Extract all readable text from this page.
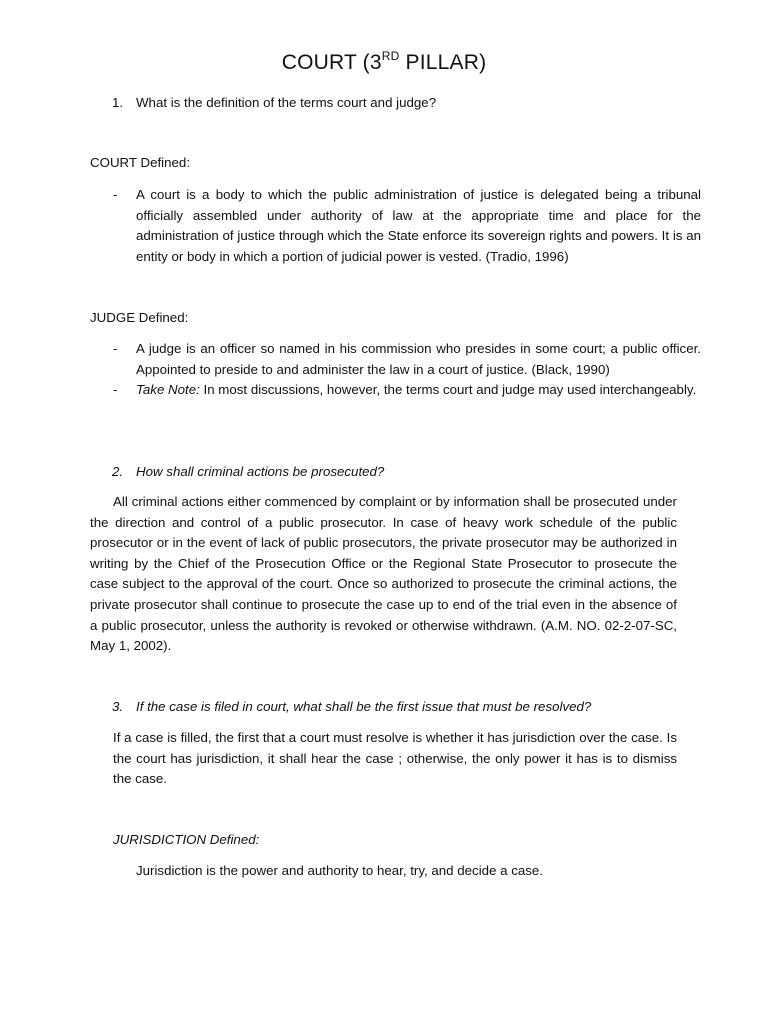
COURT (3RD PILLAR)
1. What is the definition of the terms court and judge?
COURT Defined:
- A court is a body to which the public administration of justice is delegated being a tribunal officially assembled under authority of law at the appropriate time and place for the administration of justice through which the State enforce its sovereign rights and powers. It is an entity or body in which a portion of judicial power is vested. (Tradio, 1996)
JUDGE Defined:
- A judge is an officer so named in his commission who presides in some court; a public officer. Appointed to preside to and administer the law in a court of justice. (Black, 1990)
- Take Note: In most discussions, however, the terms court and judge may used interchangeably.
2. How shall criminal actions be prosecuted?
All criminal actions either commenced by complaint or by information shall be prosecuted under the direction and control of a public prosecutor. In case of heavy work schedule of the public prosecutor or in the event of lack of public prosecutors, the private prosecutor may be authorized in writing by the Chief of the Prosecution Office or the Regional State Prosecutor to prosecute the case subject to the approval of the court. Once so authorized to prosecute the criminal actions, the private prosecutor shall continue to prosecute the case up to end of the trial even in the absence of a public prosecutor, unless the authority is revoked or otherwise withdrawn. (A.M. NO. 02-2-07-SC, May 1, 2002).
3. If the case is filed in court, what shall be the first issue that must be resolved?
If a case is filled, the first that a court must resolve is whether it has jurisdiction over the case. Is the court has jurisdiction, it shall hear the case ; otherwise, the only power it has is to dismiss the case.
JURISDICTION Defined:
Jurisdiction is the power and authority to hear, try, and decide a case.
